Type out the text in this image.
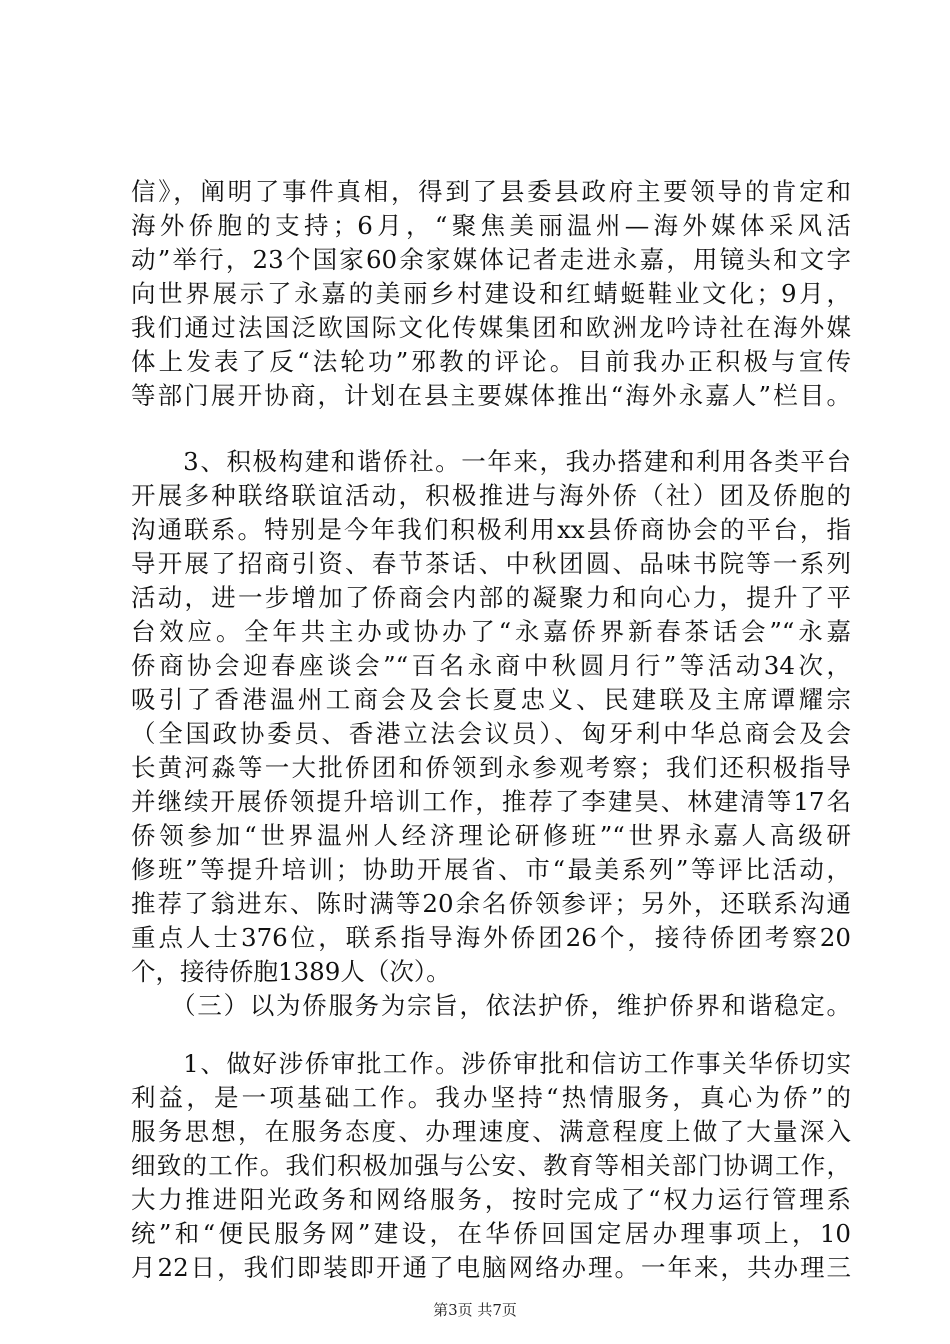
信》，阐明了事件真相，得到了县委县政府主要领导的肯定和
海外侨胞的支持；6月，“聚焦美丽温州—海外媒体采风活
动”举行，23个国家60余家媒体记者走进永嘉，用镜头和文字
向世界展示了永嘉的美丽乡村建设和红蜻蜓鞋业文化；9月，
我们通过法国泛欧国际文化传媒集团和欧洲龙吟诗社在海外媒
体上发表了反“法轮功”邪教的评论。目前我办正积极与宣传
等部门展开协商，计划在县主要媒体推出“海外永嘉人”栏目。
　　3、积极构建和谐侨社。一年来，我办搭建和利用各类平台
开展多种联络联谊活动，积极推进与海外侨（社）团及侨胞的
沟通联系。特别是今年我们积极利用xx县侨商协会的平台，指
导开展了招商引资、春节茶话、中秋团圆、品味书院等一系列
活动，进一步增加了侨商会内部的凝聚力和向心力，提升了平
台效应。全年共主办或协办了“永嘉侨界新春茶话会”“永嘉
侨商协会迎春座谈会”“百名永商中秋圆月行”等活动34次，
吸引了香港温州工商会及会长夏忠义、民建联及主席谭耀宗
（全国政协委员、香港立法会议员）、匈牙利中华总商会及会
长黄河淼等一大批侨团和侨领到永参观考察；我们还积极指导
并继续开展侨领提升培训工作，推荐了李建昊、林建清等17名
侨领参加“世界温州人经济理论研修班”“世界永嘉人高级研
修班”等提升培训；协助开展省、市“最美系列”等评比活动，
推荐了翁进东、陈时满等20余名侨领参评；另外，还联系沟通
重点人士376位，联系指导海外侨团26个，接待侨团考察20
个，接待侨胞1389人（次）。
　　（三）以为侨服务为宗旨，依法护侨，维护侨界和谐稳定。
　　1、做好涉侨审批工作。涉侨审批和信访工作事关华侨切实
利益，是一项基础工作。我办坚持“热情服务，真心为侨”的
服务思想，在服务态度、办理速度、满意程度上做了大量深入
细致的工作。我们积极加强与公安、教育等相关部门协调工作，
大力推进阳光政务和网络服务，按时完成了“权力运行管理系
统”和“便民服务网”建设，在华侨回国定居办理事项上，10
第3页 共7页
月22日，我们即装即开通了电脑网络办理。一年来，共办理三
